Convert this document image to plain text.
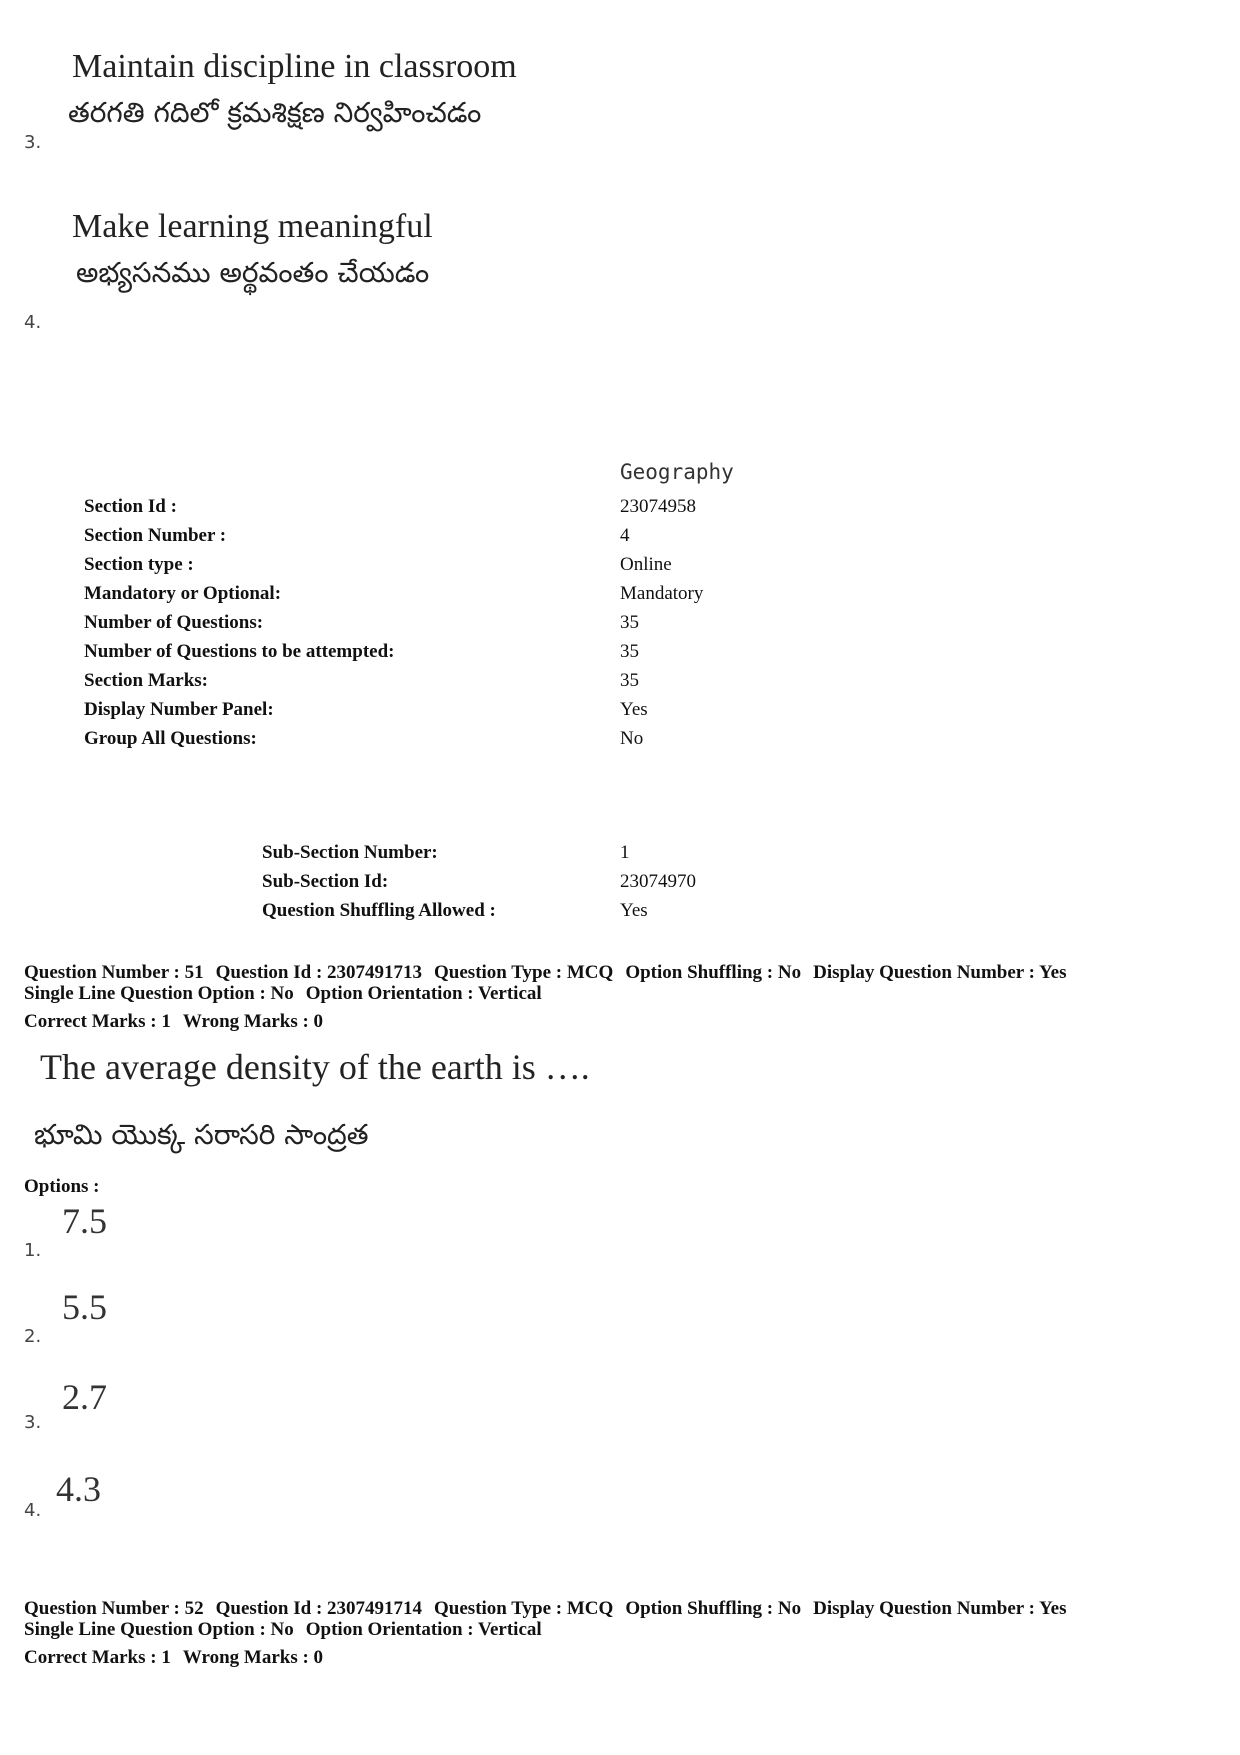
Maintain discipline in classroom
తరగతి గదిలో క్రమశిక్షణ నిర్వహించడం
3.
Make learning meaningful
అభ్యసనము అర్థవంతం చేయడం
4.
Geography
Section Id :	23074958
Section Number :	4
Section type :	Online
Mandatory or Optional:	Mandatory
Number of Questions:	35
Number of Questions to be attempted:	35
Section Marks:	35
Display Number Panel:	Yes
Group All Questions:	No
Sub-Section Number:	1
Sub-Section Id:	23074970
Question Shuffling Allowed :	Yes
Question Number : 51 Question Id : 2307491713 Question Type : MCQ Option Shuffling : No Display Question Number : Yes
Single Line Question Option : No Option Orientation : Vertical
Correct Marks : 1 Wrong Marks : 0
The average density of the earth is ….
భూమి యొక్క సరాసరి సాంద్రత
Options :
1.
7.5
2.
5.5
3.
2.7
4.
4.3
Question Number : 52 Question Id : 2307491714 Question Type : MCQ Option Shuffling : No Display Question Number : Yes
Single Line Question Option : No Option Orientation : Vertical
Correct Marks : 1 Wrong Marks : 0
